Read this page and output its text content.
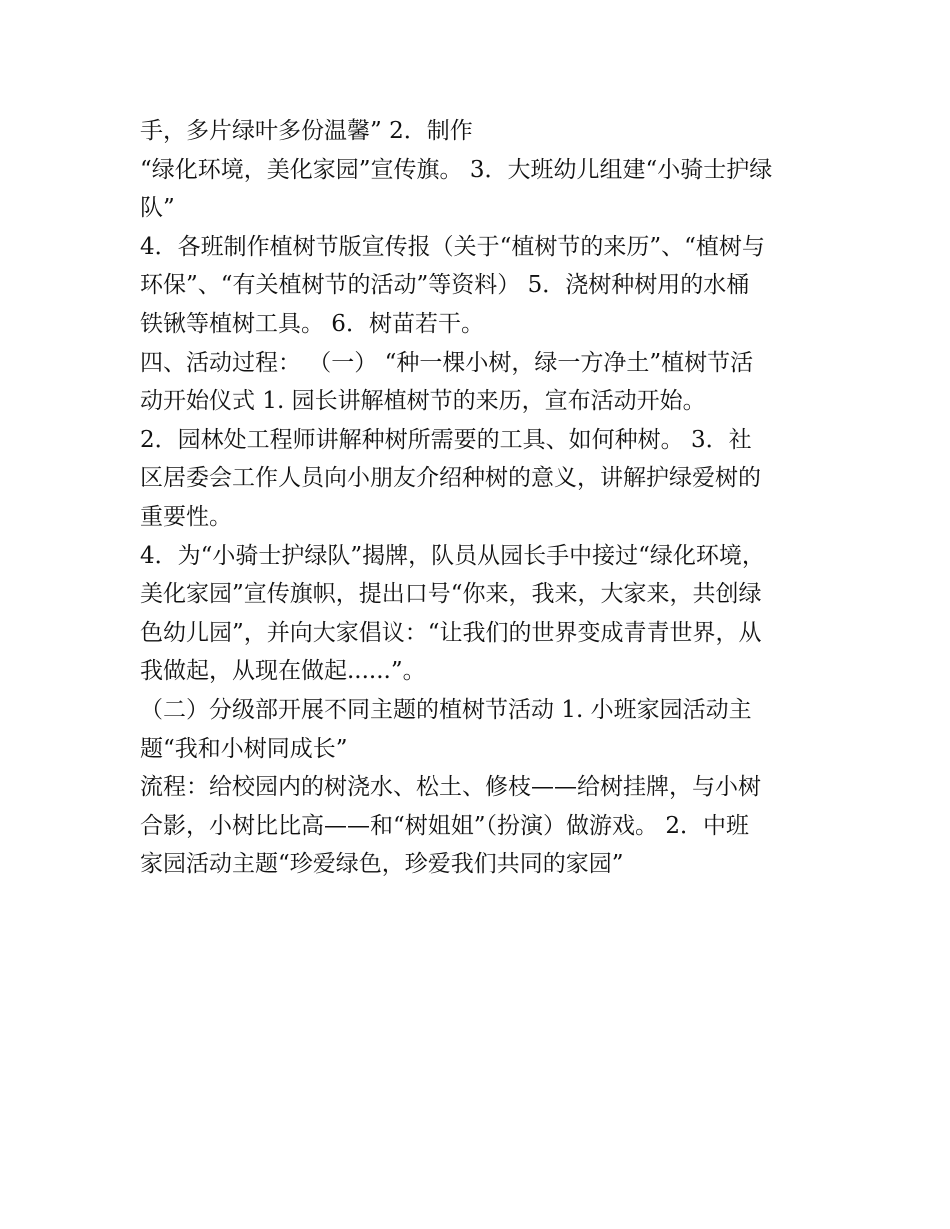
手，多片绿叶多份温馨” 2．制作

“绿化环境，美化家园”宣传旗。 3．大班幼儿组建“小骑士护绿

队”

4．各班制作植树节版宣传报（关于“植树节的来历”、“植树与

环保”、“有关植树节的活动”等资料） 5．浇树种树用的水桶

铁锹等植树工具。 6．树苗若干。

四、活动过程： （一） “种一棵小树，绿一方净土”植树节活

动开始仪式 1. 园长讲解植树节的来历，宣布活动开始。

2．园林处工程师讲解种树所需要的工具、如何种树。 3．社

区居委会工作人员向小朋友介绍种树的意义，讲解护绿爱树的

重要性。

4．为“小骑士护绿队”揭牌，队员从园长手中接过“绿化环境，

美化家园”宣传旗帜，提出口号“你来，我来，大家来，共创绿

色幼儿园”，并向大家倡议：“让我们的世界变成青青世界，从

我做起，从现在做起......”。

（二）分级部开展不同主题的植树节活动 1. 小班家园活动主

题“我和小树同成长”

流程：给校园内的树浇水、松土、修枝——给树挂牌，与小树

合影，小树比比高——和“树姐姐”（扮演）做游戏。 2．中班

家园活动主题“珍爱绿色，珍爱我们共同的家园”
